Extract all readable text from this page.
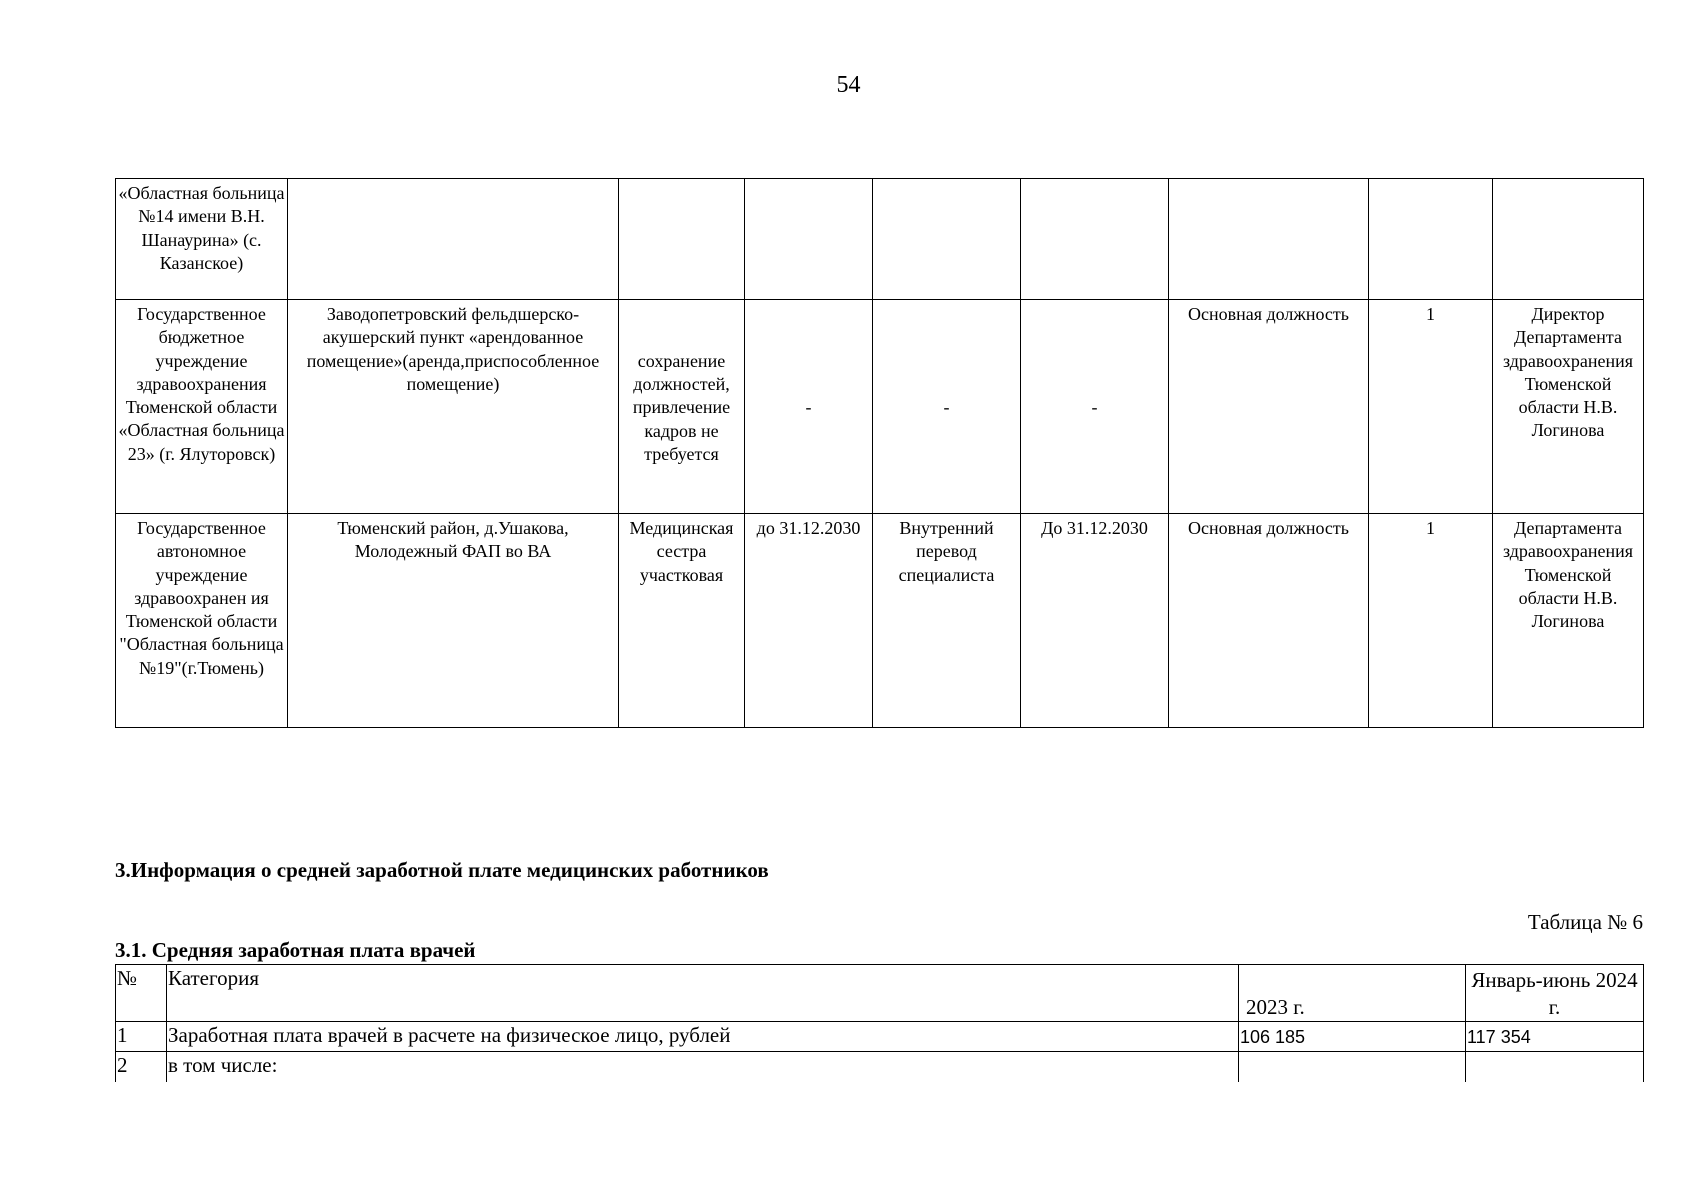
54
«Областная больница №14 имени В.Н. Шанаурина» (с. Казанское)								
Государственное бюджетное учреждение здравоохранения Тюменской области «Областная больница 23» (г. Ялуторовск)	Заводопетровский фельдшерско-акушерский пункт «арендованное помещение»(аренда,приспособленное помещение)	сохранение должностей, привлечение кадров не требуется	-	-	-	Основная должность	1	Директор Департамента здравоохранения Тюменской области Н.В. Логинова
Государственное автономное учреждение здравоохранен ия Тюменской области "Областная больница №19"(г.Тюмень)	Тюменский район, д.Ушакова, Молодежный ФАП во ВА	Медицинская сестра участковая	до 31.12.2030	Внутренний перевод специалиста	До 31.12.2030	Основная должность	1	Департамента здравоохранения Тюменской области Н.В. Логинова
3.Информация о средней заработной плате медицинских работников
Таблица № 6
3.1. Средняя заработная плата врачей
№	Категория	2023 г.	Январь-июнь 2024 г.
1	Заработная плата врачей в расчете на физическое лицо, рублей	106 185	117 354
2	в том числе:		
